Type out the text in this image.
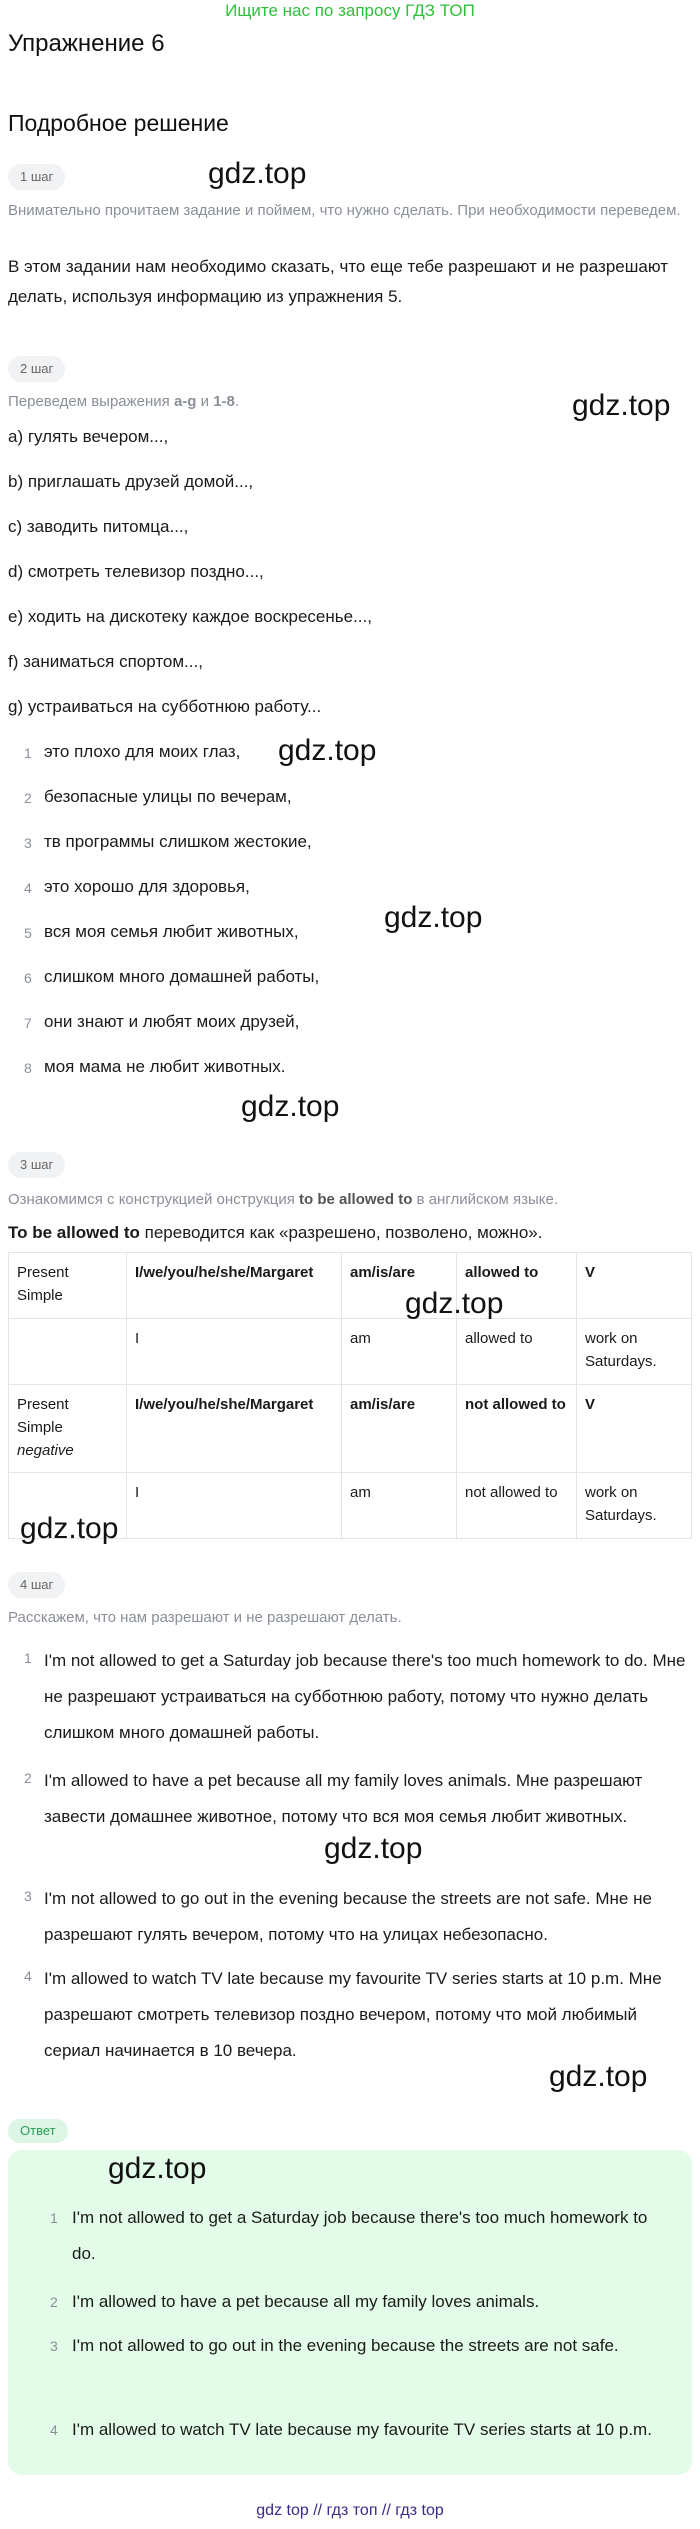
Ищите нас по запросу ГДЗ ТОП
Упражнение 6
Подробное решение
1 шаг	gdz.top
Внимательно прочитаем задание и поймем, что нужно сделать. При необходимости переведем.
В этом задании нам необходимо сказать, что еще тебе разрешают и не разрешают делать, используя информацию из упражнения 5.
2 шаг
Переведем выражения a-g и 1-8.	gdz.top
a) гулять вечером...,
b) приглашать друзей домой...,
c) заводить питомца...,
d) смотреть телевизор поздно...,
e) ходить на дискотеку каждое воскресенье...,
f) заниматься спортом...,
g) устраиваться на субботнюю работу...
gdz.top
1 это плохо для моих глаз,
2 безопасные улицы по вечерам,
3 тв программы слишком жестокие,
4 это хорошо для здоровья,
5 вся моя семья любит животных,
6 слишком много домашней работы,
7 они знают и любят моих друзей,
8 моя мама не любит животных.
gdz.top
gdz.top
3 шаг
Ознакомимся с конструкцией онструкция to be allowed to в английском языке.
To be allowed to переводится как «разрешено, позволено, можно».
Present Simple	I/we/you/he/she/Margaret	am/is/are	allowed to	V
	I	am	allowed to	work on Saturdays.
Present Simple
negative	I/we/you/he/she/Margaret	am/is/are	not allowed to	V
	I	am	not allowed to	work on Saturdays.
gdz.top
gdz.top
4 шаг
Расскажем, что нам разрешают и не разрешают делать.
1 I'm not allowed to get a Saturday job because there's too much homework to do. Мне не разрешают устраиваться на субботнюю работу, потому что нужно делать слишком много домашней работы.
2 I'm allowed to have a pet because all my family loves animals. Мне разрешают завести домашнее животное, потому что вся моя семья любит животных.
3 I'm not allowed to go out in the evening because the streets are not safe. Мне не разрешают гулять вечером, потому что на улицах небезопасно.
4 I'm allowed to watch TV late because my favourite TV series starts at 10 p.m. Мне разрешают смотреть телевизор поздно вечером, потому что мой любимый сериал начинается в 10 вечера.
gdz.top
gdz.top
Ответ
gdz.top
1 I'm not allowed to get a Saturday job because there's too much homework to do.
2 I'm allowed to have a pet because all my family loves animals.
3 I'm not allowed to go out in the evening because the streets are not safe.
4 I'm allowed to watch TV late because my favourite TV series starts at 10 p.m.
gdz top // гдз топ // гдз top
